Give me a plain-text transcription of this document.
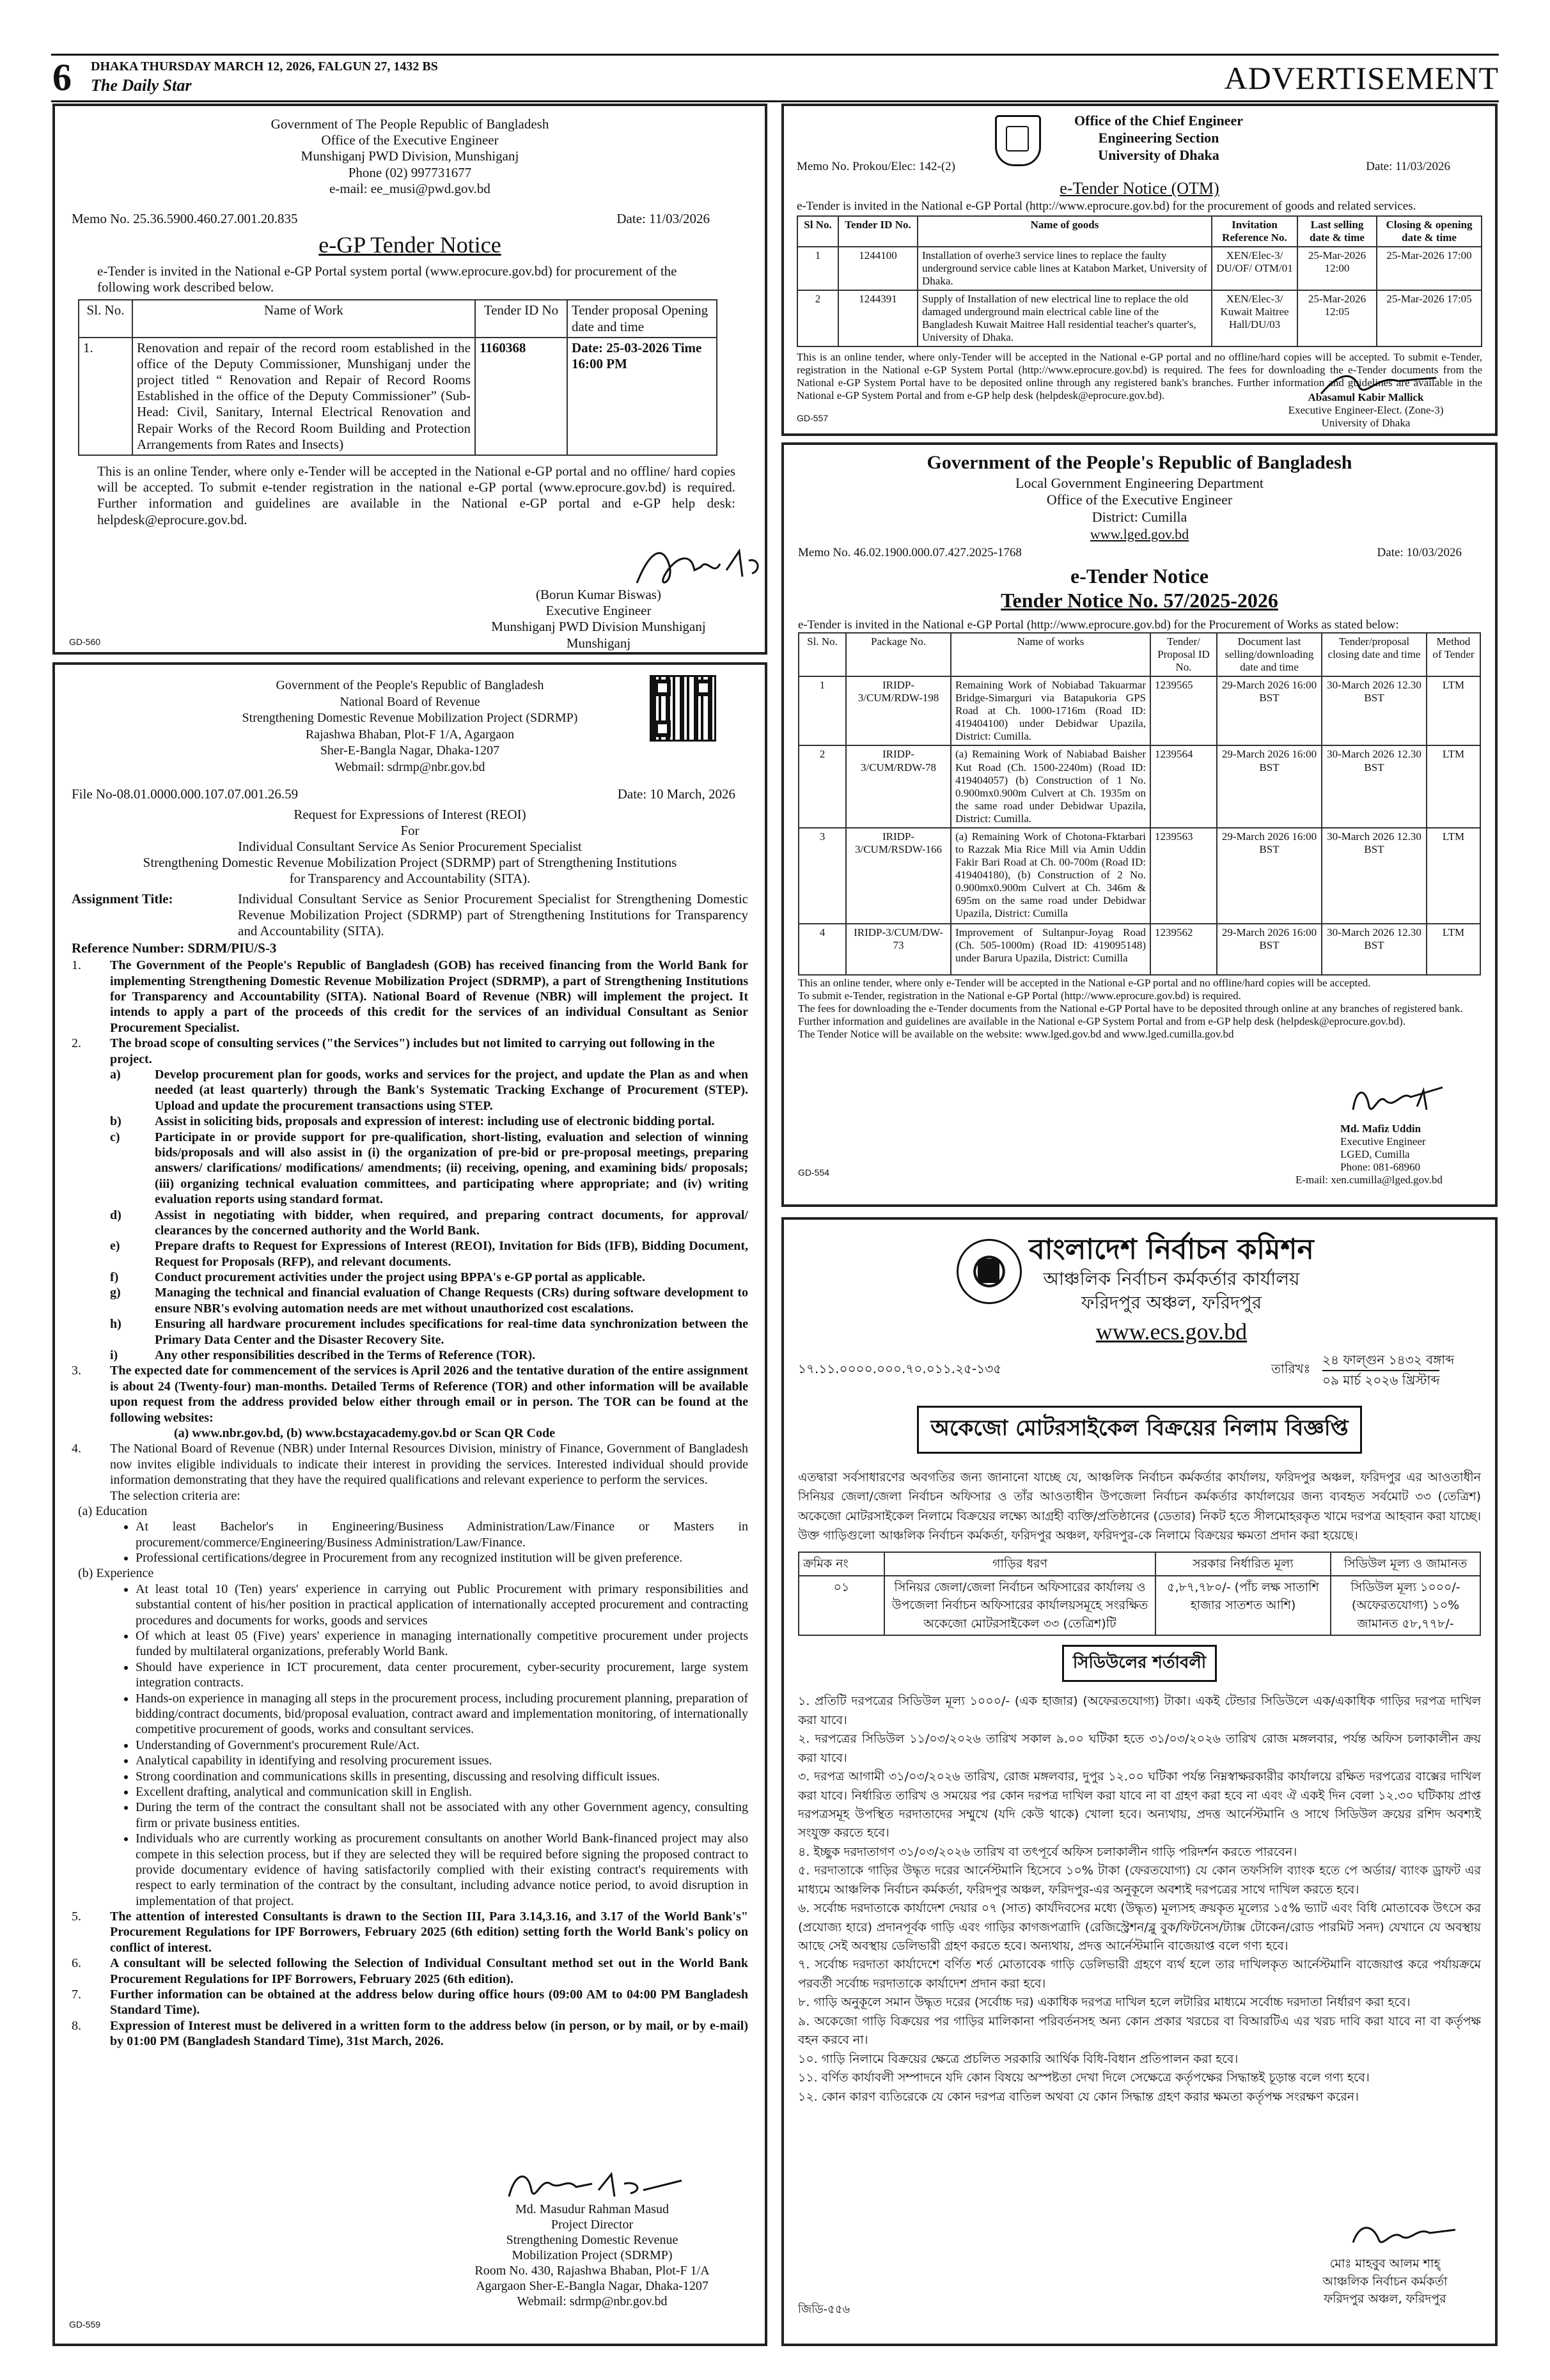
6 DHAKA THURSDAY MARCH 12, 2026, FALGUN 27, 1432 BS
The Daily Star	ADVERTISEMENT
Government of The People Republic of Bangladesh
Office of the Executive Engineer
Munshiganj PWD Division, Munshiganj
Phone (02) 997731677
e-mail: ee_musi@pwd.gov.bd
Memo No. 25.36.5900.460.27.001.20.835	Date: 11/03/2026
e-GP Tender Notice
e-Tender is invited in the National e-GP Portal system portal (www.eprocure.gov.bd) for procurement of the following work described below.
Sl. No.	Name of Work	Tender ID No	Tender proposal Opening date and time
1.	Renovation and repair of the record room established in the office of the Deputy Commissioner, Munshiganj under the project titled “ Renovation and Repair of Record Rooms Established in the office of the Deputy Commissioner” (Sub-Head: Civil, Sanitary, Internal Electrical Renovation and Repair Works of the Record Room Building and Protection Arrangements from Rates and Insects)	1160368	Date: 25-03-2026 Time 16:00 PM
This is an online Tender, where only e-Tender will be accepted in the National e-GP portal and no offline/ hard copies will be accepted. To submit e-tender registration in the national e-GP portal (www.eprocure.gov.bd) is required. Further information and guidelines are available in the National e-GP portal and e-GP help desk: helpdesk@eprocure.gov.bd.
(Borun Kumar Biswas)
Executive Engineer
Munshiganj PWD Division Munshiganj
Munshiganj
GD-560
Government of the People's Republic of Bangladesh
National Board of Revenue
Strengthening Domestic Revenue Mobilization Project (SDRMP)
Rajashwa Bhaban, Plot-F 1/A, Agargaon
Sher-E-Bangla Nagar, Dhaka-1207
Webmail: sdrmp@nbr.gov.bd
File No-08.01.0000.000.107.07.001.26.59	Date: 10 March, 2026
Request for Expressions of Interest (REOI)
For
Individual Consultant Service As Senior Procurement Specialist
Strengthening Domestic Revenue Mobilization Project (SDRMP) part of Strengthening Institutions
for Transparency and Accountability (SITA).
Assignment Title:	Individual Consultant Service as Senior Procurement Specialist for Strengthening Domestic Revenue Mobilization Project (SDRMP) part of Strengthening Institutions for Transparency and Accountability (SITA).
Reference Number: SDRM/PIU/S-3
1.	The Government of the People's Republic of Bangladesh (GOB) has received financing from the World Bank for implementing Strengthening Domestic Revenue Mobilization Project (SDRMP), a part of Strengthening Institutions for Transparency and Accountability (SITA). National Board of Revenue (NBR) will implement the project. It intends to apply a part of the proceeds of this credit for the services of an individual Consultant as Senior Procurement Specialist.
2.	The broad scope of consulting services ("the Services") includes but not limited to carrying out following in the project.
a)	Develop procurement plan for goods, works and services for the project, and update the Plan as and when needed (at least quarterly) through the Bank's Systematic Tracking Exchange of Procurement (STEP). Upload and update the procurement transactions using STEP.
b)	Assist in soliciting bids, proposals and expression of interest: including use of electronic bidding portal.
c)	Participate in or provide support for pre-qualification, short-listing, evaluation and selection of winning bids/proposals and will also assist in (i) the organization of pre-bid or pre-proposal meetings, preparing answers/ clarifications/ modifications/ amendments; (ii) receiving, opening, and examining bids/ proposals; (iii) organizing technical evaluation committees, and participating where appropriate; and (iv) writing evaluation reports using standard format.
d)	Assist in negotiating with bidder, when required, and preparing contract documents, for approval/ clearances by the concerned authority and the World Bank.
e)	Prepare drafts to Request for Expressions of Interest (REOI), Invitation for Bids (IFB), Bidding Document, Request for Proposals (RFP), and relevant documents.
f)	Conduct procurement activities under the project using BPPA's e-GP portal as applicable.
g)	Managing the technical and financial evaluation of Change Requests (CRs) during software development to ensure NBR's evolving automation needs are met without unauthorized cost escalations.
h)	Ensuring all hardware procurement includes specifications for real-time data synchronization between the Primary Data Center and the Disaster Recovery Site.
i)	Any other responsibilities described in the Terms of Reference (TOR).
3.	The expected date for commencement of the services is April 2026 and the tentative duration of the entire assignment is about 24 (Twenty-four) man-months. Detailed Terms of Reference (TOR) and other information will be available upon request from the address provided below either through email or in person. The TOR can be found at the following websites:
(a) www.nbr.gov.bd, (b) www.bcstaχacademy.gov.bd or Scan QR Code
4.	The National Board of Revenue (NBR) under Internal Resources Division, ministry of Finance, Government of Bangladesh now invites eligible individuals to indicate their interest in providing the services. Interested individual should provide information demonstrating that they have the required qualifications and relevant experience to perform the services.
The selection criteria are:
(a) Education
• At least Bachelor's in Engineering/Business Administration/Law/Finance or Masters in procurement/commerce/Engineering/Business Administration/Law/Finance.
• Professional certifications/degree in Procurement from any recognized institution will be given preference.
(b) Experience
• At least total 10 (Ten) years' experience in carrying out Public Procurement with primary responsibilities and substantial content of his/her position in practical application of internationally accepted procurement and contracting procedures and documents for works, goods and services
• Of which at least 05 (Five) years' experience in managing internationally competitive procurement under projects funded by multilateral organizations, preferably World Bank.
• Should have experience in ICT procurement, data center procurement, cyber-security procurement, large system integration contracts.
• Hands-on experience in managing all steps in the procurement process, including procurement planning, preparation of bidding/contract documents, bid/proposal evaluation, contract award and implementation monitoring, of internationally competitive procurement of goods, works and consultant services.
• Understanding of Government's procurement Rule/Act.
• Analytical capability in identifying and resolving procurement issues.
• Strong coordination and communications skills in presenting, discussing and resolving difficult issues.
• Excellent drafting, analytical and communication skill in English.
• During the term of the contract the consultant shall not be associated with any other Government agency, consulting firm or private business entities.
• Individuals who are currently working as procurement consultants on another World Bank-financed project may also compete in this selection process, but if they are selected they will be required before signing the proposed contract to provide documentary evidence of having satisfactorily complied with their existing contract's requirements with respect to early termination of the contract by the consultant, including advance notice period, to avoid disruption in implementation of that project.
5.	The attention of interested Consultants is drawn to the Section III, Para 3.14,3.16, and 3.17 of the World Bank's" Procurement Regulations for IPF Borrowers, February 2025 (6th edition) setting forth the World Bank's policy on conflict of interest.
6.	A consultant will be selected following the Selection of Individual Consultant method set out in the World Bank Procurement Regulations for IPF Borrowers, February 2025 (6th edition).
7.	Further information can be obtained at the address below during office hours (09:00 AM to 04:00 PM Bangladesh Standard Time).
8.	Expression of Interest must be delivered in a written form to the address below (in person, or by mail, or by e-mail) by 01:00 PM (Bangladesh Standard Time), 31st March, 2026.
Md. Masudur Rahman Masud
Project Director
Strengthening Domestic Revenue
Mobilization Project (SDRMP)
Room No. 430, Rajashwa Bhaban, Plot-F 1/A
Agargaon Sher-E-Bangla Nagar, Dhaka-1207
Webmail: sdrmp@nbr.gov.bd
GD-559
Office of the Chief Engineer
Engineering Section
University of Dhaka
Memo No. Prokou/Elec: 142-(2)	Date: 11/03/2026
e-Tender Notice (OTM)
e-Tender is invited in the National e-GP Portal (http://www.eprocure.gov.bd) for the procurement of goods and related services.
Sl No.	Tender ID No.	Name of goods	Invitation Reference No.	Last selling date & time	Closing & opening date & time
1	1244100	Installation of overhe3 service lines to replace the faulty underground service cable lines at Katabon Market, University of Dhaka.	XEN/Elec-3/ DU/OF/ OTM/01	25-Mar-2026 12:00	25-Mar-2026 17:00
2	1244391	Supply of Installation of new electrical line to replace the old damaged underground main electrical cable line of the Bangladesh Kuwait Maitree Hall residential teacher's quarter's, University of Dhaka.	XEN/Elec-3/ Kuwait Maitree Hall/DU/03	25-Mar-2026 12:05	25-Mar-2026 17:05
This is an online tender, where only-Tender will be accepted in the National e-GP portal and no offline/hard copies will be accepted. To submit e-Tender, registration in the National e-GP System Portal (http://www.eprocure.gov.bd) is required. The fees for downloading the e-Tender documents from the National e-GP System Portal have to be deposited online through any registered bank's branches. Further information and guidelines are available in the National e-GP System Portal and from e-GP help desk (helpdesk@eprocure.gov.bd).	Abasamul Kabir Mallick
Executive Engineer-Elect. (Zone-3)
University of Dhaka
GD-557
Government of the People's Republic of Bangladesh
Local Government Engineering Department
Office of the Executive Engineer
District: Cumilla
www.lged.gov.bd
Memo No. 46.02.1900.000.07.427.2025-1768	Date: 10/03/2026
e-Tender Notice
Tender Notice No. 57/2025-2026
e-Tender is invited in the National e-GP Portal (http://www.eprocure.gov.bd) for the Procurement of Works as stated below:
Sl. No.	Package No.	Name of works	Tender/ Proposal ID No.	Document last selling/downloading date and time	Tender/proposal closing date and time	Method of Tender
1	IRIDP-3/CUM/RDW-198	Remaining Work of Nobiabad Takuarmar Bridge-Simarguri via Batapukoria GPS Road at Ch. 1000-1716m (Road ID: 419404100) under Debidwar Upazila, District: Cumilla.	1239565	29-March 2026 16:00 BST	30-March 2026 12.30 BST	LTM
2	IRIDP-3/CUM/RDW-78	(a) Remaining Work of Nabiabad Baisher Kut Road (Ch. 1500-2240m) (Road ID: 419404057) (b) Construction of 1 No. 0.900mx0.900m Culvert at Ch. 1935m on the same road under Debidwar Upazila, District: Cumilla.	1239564	29-March 2026 16:00 BST	30-March 2026 12.30 BST	LTM
3	IRIDP-3/CUM/RSDW-166	(a) Remaining Work of Chotona-Fktarbari to Razzak Mia Rice Mill via Amin Uddin Fakir Bari Road at Ch. 00-700m (Road ID: 419404180), (b) Construction of 2 No. 0.900mx0.900m Culvert at Ch. 346m & 695m on the same road under Debidwar Upazila, District: Cumilla	1239563	29-March 2026 16:00 BST	30-March 2026 12.30 BST	LTM
4	IRIDP-3/CUM/DW-73	Improvement of Sultanpur-Joyag Road (Ch. 505-1000m) (Road ID: 419095148) under Barura Upazila, District: Cumilla	1239562	29-March 2026 16:00 BST	30-March 2026 12.30 BST	LTM
This an online tender, where only e-Tender will be accepted in the National e-GP portal and no offline/hard copies will be accepted.
To submit e-Tender, registration in the National e-GP Portal (http://www.eprocure.gov.bd) is required.
The fees for downloading the e-Tender documents from the National e-GP Portal have to be deposited through online at any branches of registered bank.
Further information and guidelines are available in the National e-GP System Portal and from e-GP help desk (helpdesk@eprocure.gov.bd).
The Tender Notice will be available on the website: www.lged.gov.bd and www.lged.cumilla.gov.bd
Md. Mafiz Uddin
Executive Engineer
LGED, Cumilla
Phone: 081-68960
E-mail: xen.cumilla@lged.gov.bd
GD-554
বাংলাদেশ নির্বাচন কমিশন
আঞ্চলিক নির্বাচন কর্মকর্তার কার্যালয়
ফরিদপুর অঞ্চল, ফরিদপুর
www.ecs.gov.bd
১৭.১১.০০০০.০০০.৭০.০১১.২৫-১৩৫	তারিখঃ
২৪ ফাল্গুন ১৪৩২ বঙ্গাব্দ
০৯ মার্চ ২০২৬ খ্রিস্টাব্দ
অকেজো মোটরসাইকেল বিক্রয়ের নিলাম বিজ্ঞপ্তি
এতদ্বারা সর্বসাধারণের অবগতির জন্য জানানো যাচ্ছে যে, আঞ্চলিক নির্বাচন কর্মকর্তার কার্যালয়, ফরিদপুর অঞ্চল, ফরিদপুর এর আওতাধীন সিনিয়র জেলা/জেলা নির্বাচন অফিসার ও তাঁর আওতাধীন উপজেলা নির্বাচন কর্মকর্তার কার্যালয়ের জন্য ব্যবহৃত সর্বমোট ৩৩ (তেত্রিশ) অকেজো মোটরসাইকেল নিলামে বিক্রয়ের লক্ষ্যে আগ্রহী ব্যক্তি/প্রতিষ্ঠানের (ডেতার) নিকট হতে সীলমোহরকৃত খামে দরপত্র আহবান করা যাচ্ছে। উক্ত গাড়িগুলো আঞ্চলিক নির্বাচন কর্মকর্তা, ফরিদপুর অঞ্চল, ফরিদপুর-কে নিলামে বিক্রয়ের ক্ষমতা প্রদান করা হয়েছে।
ক্রমিক নং	গাড়ির ধরণ	সরকার নির্ধারিত মূল্য	সিডিউল মূল্য ও জামানত
০১	সিনিয়র জেলা/জেলা নির্বাচন অফিসারের কার্যালয় ও উপজেলা নির্বাচন অফিসারের কার্যালয়সমূহে সংরক্ষিত অকেজো মোটরসাইকেল ৩৩ (তেত্রিশ)টি	৫,৮৭,৭৮০/- (পাঁচ লক্ষ সাতাশি হাজার সাতশত আশি)	সিডিউল মূল্য ১০০০/- (অফেরতযোগ্য) ১০% জামানত ৫৮,৭৭৮/-
সিডিউলের শর্তাবলী
১. প্রতিটি দরপত্রের সিডিউল মূল্য ১০০০/- (এক হাজার) (অফেরতযোগ্য) টাকা। একই টেন্ডার সিডিউলে এক/একাধিক গাড়ির দরপত্র দাখিল করা যাবে।
২. দরপত্রের সিডিউল ১১/০৩/২০২৬ তারিখ সকাল ৯.০০ ঘটিকা হতে ৩১/০৩/২০২৬ তারিখ রোজ মঙ্গলবার, পর্যন্ত অফিস চলাকালীন ক্রয় করা যাবে।
৩. দরপত্র আগামী ৩১/০৩/২০২৬ তারিখ, রোজ মঙ্গলবার, দুপুর ১২.০০ ঘটিকা পর্যন্ত নিম্নস্বাক্ষরকারীর কার্যালয়ে রক্ষিত দরপত্রের বাক্সের দাখিল করা যাবে। নির্ধারিত তারিখ ও সময়ের পর কোন দরপত্র দাখিল করা যাবে না বা গ্রহণ করা হবে না এবং ঐ একই দিন বেলা ১২.৩০ ঘটিকায় প্রাপ্ত দরপত্রসমূহ উপস্থিত দরদাতাদের সম্মুখে (যদি কেউ থাকে) খোলা হবে। অন্যথায়, প্রদত্ত আর্নেস্টমানি ও সাথে সিডিউল ক্রয়ের রশিদ অবশ্যই সংযুক্ত করতে হবে।
৪. ইচ্ছুক দরদাতাগণ ৩১/০৩/২০২৬ তারিখ বা তৎপূর্বে অফিস চলাকালীন গাড়ি পরিদর্শন করতে পারবেন।
৫. দরদাতাকে গাড়ির উদ্ধৃত দরের আর্নেস্টমানি হিসেবে ১০% টাকা (ফেরতযোগ্য) যে কোন তফসিলি ব্যাংক হতে পে অর্ডার/ ব্যাংক ড্রাফট এর মাধ্যমে আঞ্চলিক নির্বাচন কর্মকর্তা, ফরিদপুর অঞ্চল, ফরিদপুর-এর অনুকূলে অবশ্যই দরপত্রের সাথে দাখিল করতে হবে।
৬. সর্বোচ্চ দরদাতাকে কার্যাদেশ দেয়ার ০৭ (সাত) কার্যদিবসের মধ্যে (উদ্ধৃত) মূল্যসহ ক্রয়কৃত মূল্যের ১৫% ভ্যাট এবং বিধি মোতাবেক উৎসে কর (প্রযোজ্য হারে) প্রদানপূর্বক গাড়ি এবং গাড়ির কাগজপত্রাদি (রেজিস্ট্রেশন/ব্লু বুক/ফিটনেস/ট্যাক্স টোকেন/রোড পারমিট সনদ) যেখানে যে অবস্থায় আছে সেই অবস্থায় ডেলিভারী গ্রহণ করতে হবে। অন্যথায়, প্রদত্ত আর্নেস্টমানি বাজেয়াপ্ত বলে গণ্য হবে।
৭. সর্বোচ্চ দরদাতা কার্যাদেশে বর্ণিত শর্ত মোতাবেক গাড়ি ডেলিভারী গ্রহণে ব্যর্থ হলে তার দাখিলকৃত আর্নেস্টমানি বাজেয়াপ্ত করে পর্যায়ক্রমে পরবর্তী সর্বোচ্চ দরদাতাকে কার্যাদেশ প্রদান করা হবে।
৮. গাড়ি অনুকূলে সমান উদ্ধৃত দরের (সর্বোচ্চ দর) একাধিক দরপত্র দাখিল হলে লটারির মাধ্যমে সর্বোচ্চ দরদাতা নির্ধারণ করা হবে।
৯. অকেজো গাড়ি বিক্রয়ের পর গাড়ির মালিকানা পরিবর্তনসহ অন্য কোন প্রকার খরচের বা বিআরটিএ এর খরচ দাবি করা যাবে না বা কর্তৃপক্ষ বহন করবে না।
১০. গাড়ি নিলামে বিক্রয়ের ক্ষেত্রে প্রচলিত সরকারি আর্থিক বিধি-বিধান প্রতিপালন করা হবে।
১১. বর্ণিত কার্যাবলী সম্পাদনে যদি কোন বিষয়ে অস্পষ্টতা দেখা দিলে সেক্ষেত্রে কর্তৃপক্ষের সিদ্ধান্তই চূড়ান্ত বলে গণ্য হবে।
১২. কোন কারণ ব্যতিরেকে যে কোন দরপত্র বাতিল অথবা যে কোন সিদ্ধান্ত গ্রহণ করার ক্ষমতা কর্তৃপক্ষ সংরক্ষণ করেন।
মোঃ মাহবুব আলম শাহ্
আঞ্চলিক নির্বাচন কর্মকর্তা
ফরিদপুর অঞ্চল, ফরিদপুর
জিডি-৫৫৬
